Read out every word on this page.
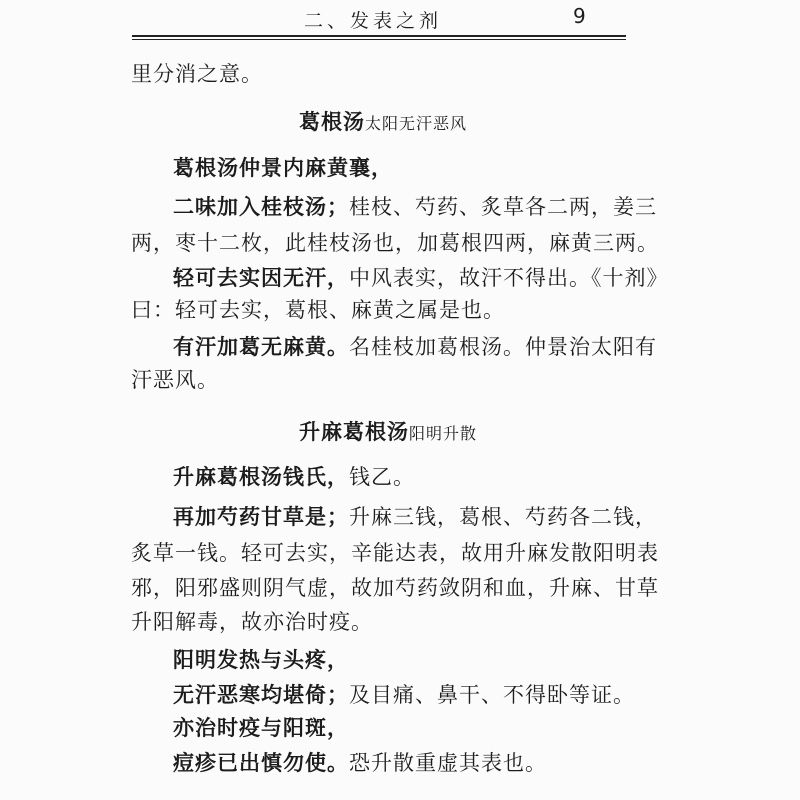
二、发表之剂	9
里分消之意。
葛根汤太阳无汗恶风
葛根汤仲景内麻黄襄，
二味加入桂枝汤；桂枝、芍药、炙草各二两，姜三
两，枣十二枚，此桂枝汤也，加葛根四两，麻黄三两。
轻可去实因无汗，中风表实，故汗不得出。《十剂》
曰：轻可去实，葛根、麻黄之属是也。
有汗加葛无麻黄。名桂枝加葛根汤。仲景治太阳有
汗恶风。
升麻葛根汤阳明升散
升麻葛根汤钱氏，钱乙。
再加芍药甘草是；升麻三钱，葛根、芍药各二钱，
炙草一钱。轻可去实，辛能达表，故用升麻发散阳明表
邪，阳邪盛则阴气虚，故加芍药敛阴和血，升麻、甘草
升阳解毒，故亦治时疫。
阳明发热与头疼，
无汗恶寒均堪倚；及目痛、鼻干、不得卧等证。
亦治时疫与阳斑，
痘疹已出慎勿使。恐升散重虚其表也。
